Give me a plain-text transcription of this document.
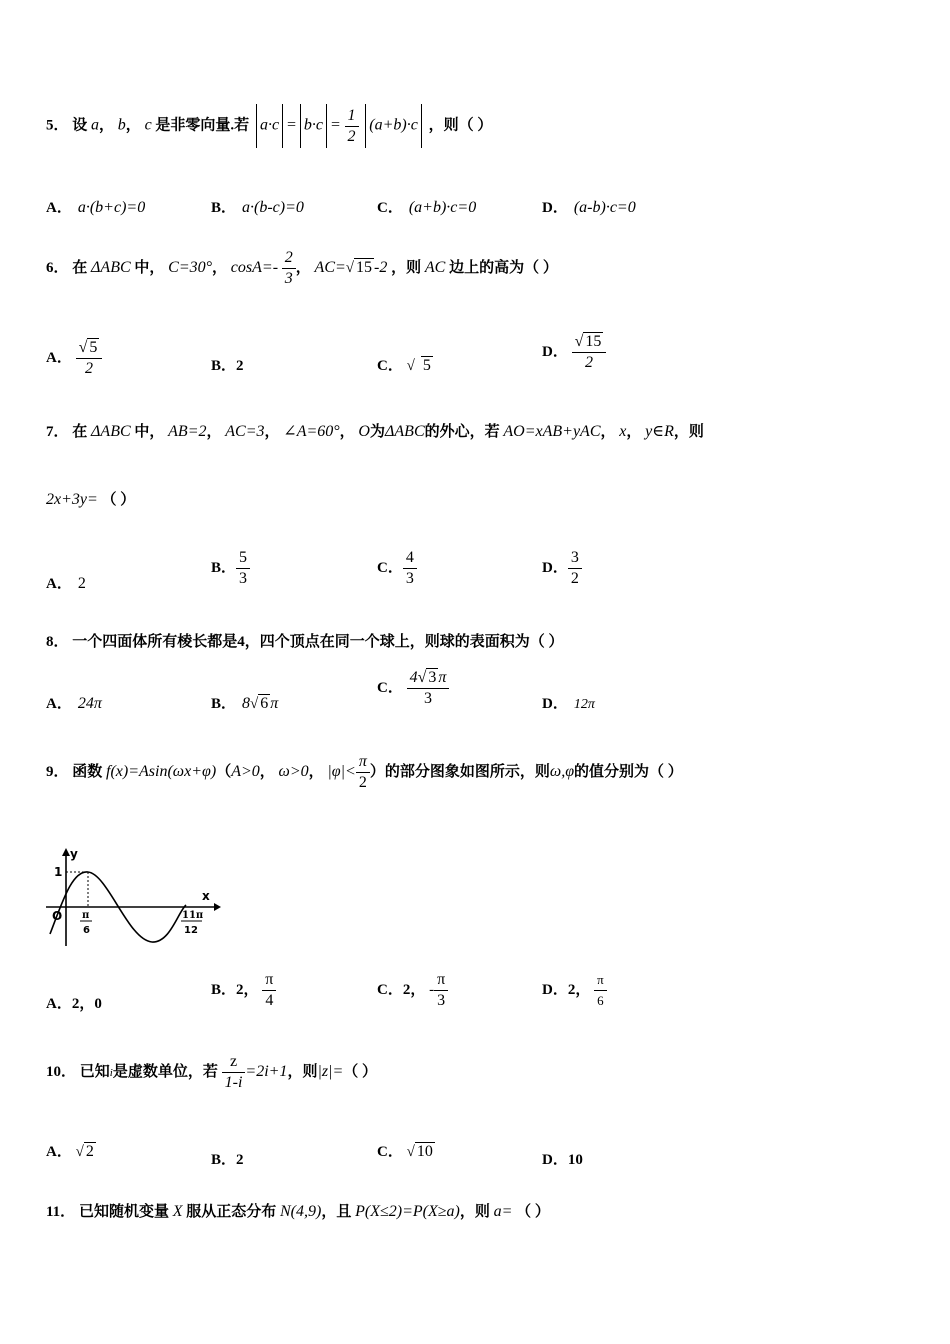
5． 设 a， b， c 是非零向量.若 $a\cdot c = b\cdot c = \frac{1}{2} (a+b)\cdot c$ ，则（ ）
A． a·(b+c)=0	B． a·(b-c)=0	C． (a+b)·c=0	D． (a-b)·c=0
6． 在 ΔABC 中， C=30°， $\cos A=- \frac{2}{3}$ ， AC=√ 15 -2 ，则 AC 边上的高为（ ）
A． $\frac{√ 5}{2}$	B．2	C． √ 5
D． $\frac{√ 15}{2}$
7． 在 ΔABC 中， AB=2， AC=3， ∠A=60°， O为ΔABC的外心，若 AO=xAB+yAC， x， y∈R，则
2x+3y= （ ）
A． 2
B． $\frac{5}{3}$	C． $\frac{4}{3}$	D． $\frac{3}{2}$
8． 一个四面体所有棱长都是4，四个顶点在同一个球上，则球的表面积为（ ）
A． 24π	B． 8√ 6 π
C． $\frac{4√ 3 \pi}{3}$	D． 12π
9． 函数 f(x)=Asin(ωx+φ)（A>0， ω>0， $|\varphi|< \frac{\pi}{2}$ ）的部分图象如图所示，则ω,φ的值分别为（ ）
y
x
1
O π
6
11π
12
A．2，0
B．2， $\frac{\pi}{4}$	C．2， - $\frac{\pi}{3}$	D．2， $\frac{\pi}{6}$
10． 已知i是虚数单位，若 $\frac{z}{1-i} =2i+1$，则|z|=（ ）
A． √ 2	B．2	C． √ 10	D．10
11． 已知随机变量 X 服从正态分布 N(4,9)，且 P(X≤2)=P(X≥a)，则 a= （ ）
